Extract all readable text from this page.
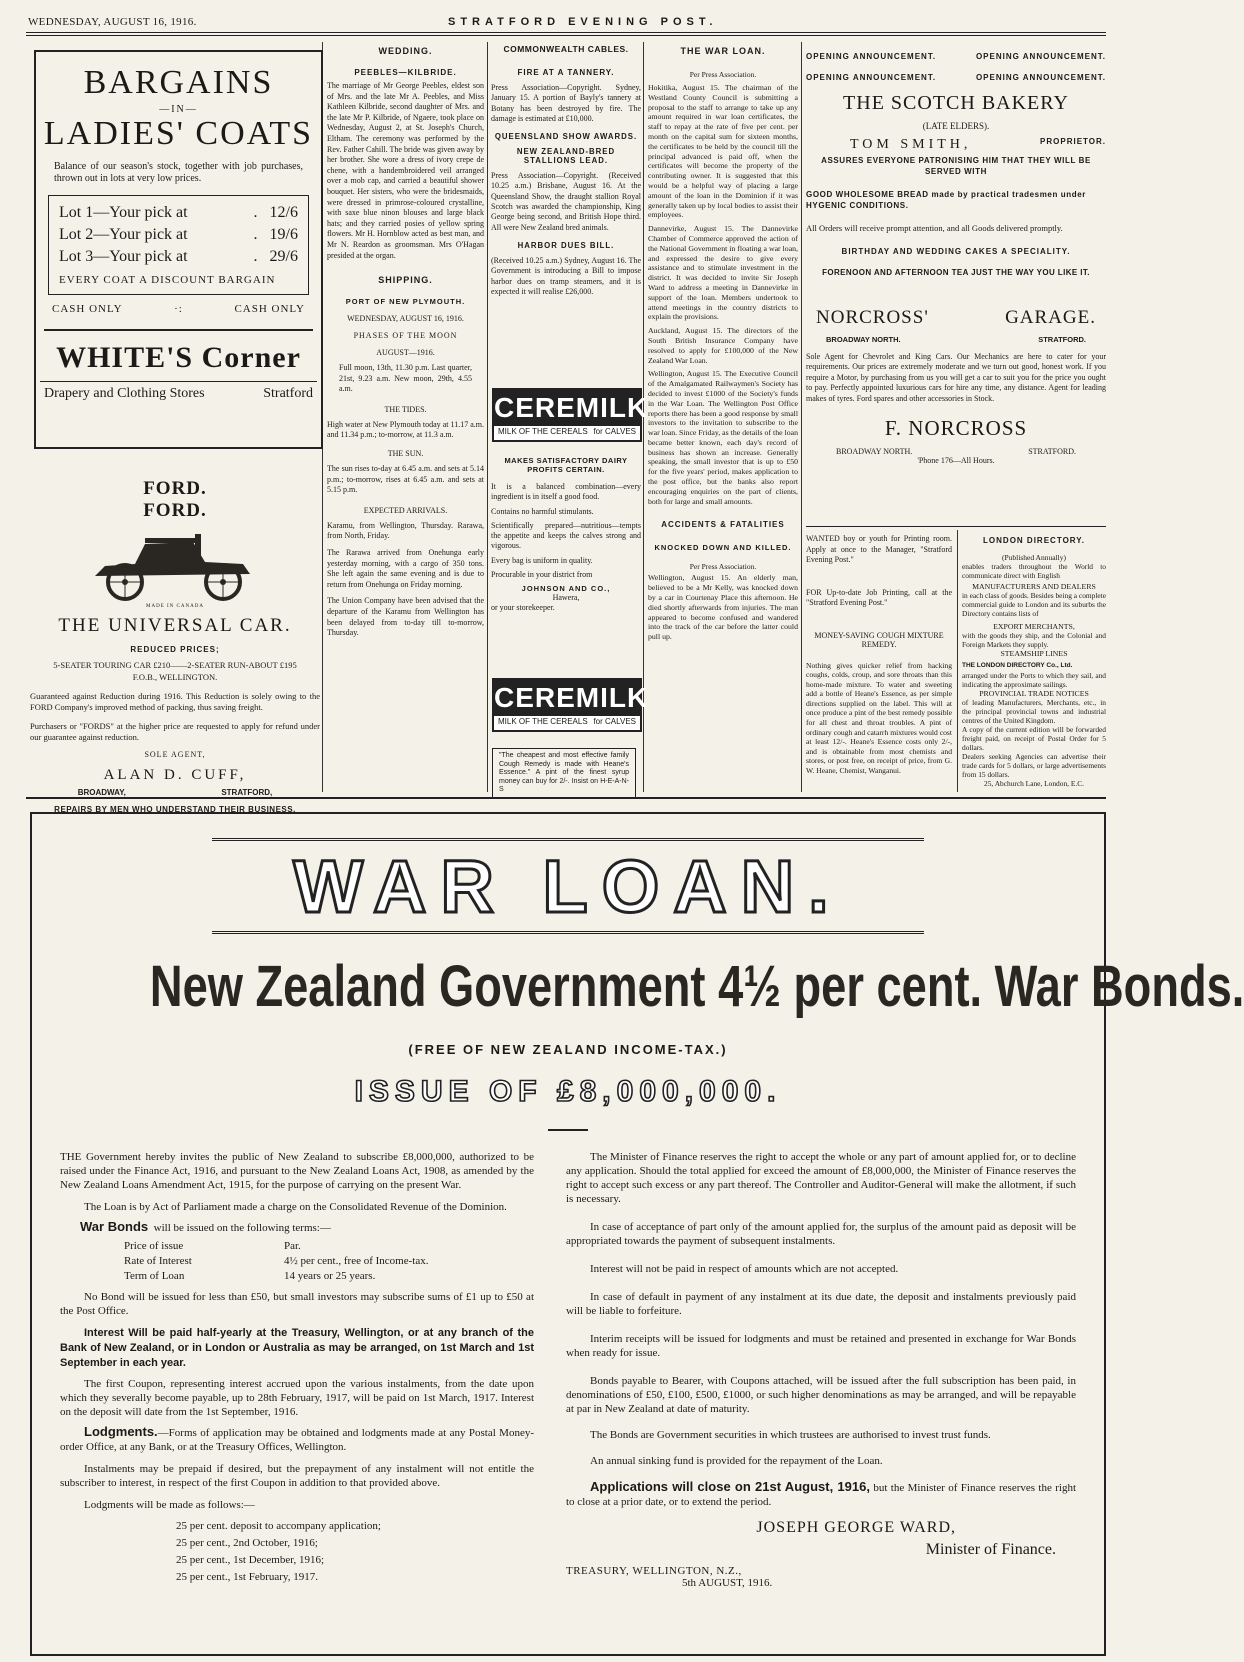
WEDNESDAY, AUGUST 16, 1916.	STRATFORD EVENING POST.
BARGAINS
—IN—
LADIES' COATS
Balance of our season's stock, together with job purchases, thrown out in lots at very low prices.
Lot 1—Your pick at	.   12/6
Lot 2—Your pick at	.   19/6
Lot 3—Your pick at	.   29/6
EVERY COAT A DISCOUNT BARGAIN
CASH ONLY	·:	CASH ONLY
WHITE'S Corner
Drapery and Clothing Stores	Stratford
FORD.
FORD.
MADE IN CANADA
THE UNIVERSAL CAR.
REDUCED PRICES;
5-SEATER TOURING CAR £210——2-SEATER RUN-ABOUT £195
F.O.B., WELLINGTON.
Guaranteed against Reduction during 1916. This Reduction is solely owing to the FORD Company's improved method of packing, thus saving freight.
Purchasers or "FORDS" at the higher price are requested to apply for refund under our guarantee against reduction.
SOLE AGENT,
ALAN D. CUFF,
BROADWAY,	STRATFORD,
REPAIRS BY MEN WHO UNDERSTAND THEIR BUSINESS.
WEDDING.
PEEBLES—KILBRIDE.
The marriage of Mr George Peebles, eldest son of Mrs. and the late Mr A. Peebles, and Miss Kathleen Kilbride, second daughter of Mrs. and the late Mr P. Kilbride, of Ngaere, took place on Wednesday, August 2, at St. Joseph's Church, Eltham. The ceremony was performed by the Rev. Father Cahill. The bride was given away by her brother. She wore a dress of ivory crepe de chene, with a handembroidered veil arranged over a mob cap, and carried a beautiful shower bouquet. Her sisters, who were the bridesmaids, were dressed in primrose-coloured crystalline, with saxe blue ninon blouses and large black hats; and they carried posies of yellow spring flowers. Mr H. Hornblow acted as best man, and Mr N. Reardon as groomsman. Mrs O'Hagan presided at the organ.
SHIPPING.
PORT OF NEW PLYMOUTH.
WEDNESDAY, AUGUST 16, 1916.
PHASES OF THE MOON
AUGUST—1916.
Full moon, 13th, 11.30 p.m. Last quarter, 21st, 9.23 a.m. New moon, 29th, 4.55 a.m.
THE TIDES.
High water at New Plymouth today at 11.17 a.m. and 11.34 p.m.; to-morrow, at 11.3 a.m.
THE SUN.
The sun rises to-day at 6.45 a.m. and sets at 5.14 p.m.; to-morrow, rises at 6.45 a.m. and sets at 5.15 p.m.
EXPECTED ARRIVALS.
Karamu, from Wellington, Thursday. Rarawa, from North, Friday.
The Rarawa arrived from Onehunga early yesterday morning, with a cargo of 350 tons. She left again the same evening and is due to return from Onehunga on Friday morning.
The Union Company have been advised that the departure of the Karamu from Wellington has been delayed from to-day till to-morrow, Thursday.
COMMONWEALTH CABLES.
FIRE AT A TANNERY.
Press Association—Copyright. Sydney, January 15. A portion of Bayly's tannery at Botany has been destroyed by fire. The damage is estimated at £10,000.
QUEENSLAND SHOW AWARDS.
NEW ZEALAND-BRED STALLIONS LEAD.
Press Association—Copyright. (Received 10.25 a.m.) Brisbane, August 16. At the Queensland Show, the draught stallion Royal Scotch was awarded the championship, King George being second, and British Hope third. All were New Zealand bred animals.
HARBOR DUES BILL.
(Received 10.25 a.m.) Sydney, August 16. The Government is introducing a Bill to impose harbor dues on tramp steamers, and it is expected it will realise £26,000.
CEREMILK
MILK OF THE CEREALS for CALVES
MAKES SATISFACTORY DAIRY PROFITS CERTAIN.
It is a balanced combination—every ingredient is in itself a good food.
Contains no harmful stimulants.
Scientifically prepared—nutritious—tempts the appetite and keeps the calves strong and vigorous.
Every bag is uniform in quality.
Procurable in your district from
JOHNSON AND CO.,
Hawera,
or your storekeeper.
CEREMILK
MILK OF THE CEREALS for CALVES
"The cheapest and most effective family Cough Remedy is made with Heane's Essence." A pint of the finest syrup money can buy for 2/-. Insist on H-E-A-N-S
THE WAR LOAN.
Per Press Association.
Hokitika, August 15. The chairman of the Westland County Council is submitting a proposal to the staff to arrange to take up any amount required in war loan certificates, the staff to repay at the rate of five per cent. per month on the capital sum for sixteen months, the certificates to be held by the council till the principal advanced is paid off, when the certificates will become the property of the contributing owner. It is suggested that this would be a helpful way of placing a large amount of the loan in the Dominion if it was generally taken up by local bodies to assist their employees.
Dannevirke, August 15. The Dannevirke Chamber of Commerce approved the action of the National Government in floating a war loan, and expressed the desire to give every assistance and to stimulate investment in the district. It was decided to invite Sir Joseph Ward to address a meeting in Dannevirke in support of the loan. Members undertook to attend meetings in the country districts to explain the provisions.
Auckland, August 15. The directors of the South British Insurance Company have resolved to apply for £100,000 of the New Zealand War Loan.
Wellington, August 15. The Executive Council of the Amalgamated Railwaymen's Society has decided to invest £1000 of the Society's funds in the War Loan. The Wellington Post Office reports there has been a good response by small investors to the invitation to subscribe to the war loan. Since Friday, as the details of the loan became better known, each day's record of business has shown an increase. Generally speaking, the small investor that is up to £50 for the five years' period, makes application to the post office, but the banks also report encouraging enquiries on the part of clients, both for large and small amounts.
ACCIDENTS & FATALITIES
KNOCKED DOWN AND KILLED.
Per Press Association.
Wellington, August 15. An elderly man, believed to be a Mr Kelly, was knocked down by a car in Courtenay Place this afternoon. He died shortly afterwards from injuries. The man appeared to become confused and wandered into the track of the car before the latter could pull up.
OPENING ANNOUNCEMENT.	OPENING ANNOUNCEMENT.
OPENING ANNOUNCEMENT.	OPENING ANNOUNCEMENT.
THE SCOTCH BAKERY
(LATE ELDERS).
TOM SMITH,	PROPRIETOR.
ASSURES EVERYONE PATRONISING HIM THAT THEY WILL BE SERVED WITH
GOOD WHOLESOME BREAD made by practical tradesmen under HYGENIC CONDITIONS.
All Orders will receive prompt attention, and all Goods delivered promptly.
BIRTHDAY AND WEDDING CAKES A SPECIALITY.
FORENOON AND AFTERNOON TEA JUST THE WAY YOU LIKE IT.
NORCROSS'	GARAGE.
BROADWAY NORTH.	STRATFORD.
Sole Agent for Chevrolet and King Cars. Our Mechanics are here to cater for your requirements. Our prices are extremely moderate and we turn out good, honest work. If you require a Motor, by purchasing from us you will get a car to suit you for the price you ought to pay. Perfectly appointed luxurious cars for hire any time, any distance. Agent for leading makes of tyres. Ford spares and other accessories in Stock.
F. NORCROSS
BROADWAY NORTH.	STRATFORD.
'Phone 176—All Hours.
WANTED boy or youth for Printing room. Apply at once to the Manager, "Stratford Evening Post."
FOR Up-to-date Job Printing, call at the "Stratford Evening Post."
MONEY-SAVING COUGH MIXTURE REMEDY.
Nothing gives quicker relief from hacking coughs, colds, croup, and sore throats than this home-made mixture. To water and sweeting add a bottle of Heane's Essence, as per simple directions supplied on the label. This will at once produce a pint of the best remedy possible for all chest and throat troubles. A pint of ordinary cough and catarrh mixtures would cost at least 12/-. Heane's Essence costs only 2/-, and is obtainable from most chemists and stores, or post free, on receipt of price, from G. W. Heane, Chemist, Wanganui.
LONDON DIRECTORY.
(Published Annually)
enables traders throughout the World to communicate direct with English
MANUFACTURERS AND DEALERS
in each class of goods. Besides being a complete commercial guide to London and its suburbs the Directory contains lists of
EXPORT MERCHANTS,
with the goods they ship, and the Colonial and Foreign Markets they supply.
STEAMSHIP LINES
THE LONDON DIRECTORY Co., Ltd.
arranged under the Ports to which they sail, and indicating the approximate sailings.
PROVINCIAL TRADE NOTICES
of leading Manufacturers, Merchants, etc., in the principal provincial towns and industrial centres of the United Kingdom.
A copy of the current edition will be forwarded freight paid, on receipt of Postal Order for 5 dollars.
Dealers seeking Agencies can advertise their trade cards for 5 dollars, or large advertisements from 15 dollars.
25, Abchurch Lane, London, E.C.
WAR LOAN.
New Zealand Government 4½ per cent. War Bonds.
(FREE OF NEW ZEALAND INCOME-TAX.)
ISSUE OF £8,000,000.
THE Government hereby invites the public of New Zealand to subscribe £8,000,000, authorized to be raised under the Finance Act, 1916, and pursuant to the New Zealand Loans Act, 1908, as amended by the New Zealand Loans Amendment Act, 1915, for the purpose of carrying on the present War.
The Loan is by Act of Parliament made a charge on the Consolidated Revenue of the Dominion.
War Bonds will be issued on the following terms:—
Price of issue	Par.
Rate of Interest	4½ per cent., free of Income-tax.
Term of Loan	14 years or 25 years.
No Bond will be issued for less than £50, but small investors may subscribe sums of £1 up to £50 at the Post Office.
Interest Will be paid half-yearly at the Treasury, Wellington, or at any branch of the Bank of New Zealand, or in London or Australia as may be arranged, on 1st March and 1st September in each year.
The first Coupon, representing interest accrued upon the various instalments, from the date upon which they severally become payable, up to 28th February, 1917, will be paid on 1st March, 1917. Interest on the deposit will date from the 1st September, 1916.
Lodgments.—Forms of application may be obtained and lodgments made at any Postal Money-order Office, at any Bank, or at the Treasury Offices, Wellington.
Instalments may be prepaid if desired, but the prepayment of any instalment will not entitle the subscriber to interest, in respect of the first Coupon in addition to that provided above.
Lodgments will be made as follows:—
25 per cent. deposit to accompany application;
25 per cent., 2nd October, 1916;
25 per cent., 1st December, 1916;
25 per cent., 1st February, 1917.
The Minister of Finance reserves the right to accept the whole or any part of amount applied for, or to decline any application. Should the total applied for exceed the amount of £8,000,000, the Minister of Finance reserves the right to accept such excess or any part thereof. The Controller and Auditor-General will make the allotment, if such is necessary.
In case of acceptance of part only of the amount applied for, the surplus of the amount paid as deposit will be appropriated towards the payment of subsequent instalments.
Interest will not be paid in respect of amounts which are not accepted.
In case of default in payment of any instalment at its due date, the deposit and instalments previously paid will be liable to forfeiture.
Interim receipts will be issued for lodgments and must be retained and presented in exchange for War Bonds when ready for issue.
Bonds payable to Bearer, with Coupons attached, will be issued after the full subscription has been paid, in denominations of £50, £100, £500, £1000, or such higher denominations as may be arranged, and will be repayable at par in New Zealand at date of maturity.
The Bonds are Government securities in which trustees are authorised to invest trust funds.
An annual sinking fund is provided for the repayment of the Loan.
Applications will close on 21st August, 1916, but the Minister of Finance reserves the right to close at a prior date, or to extend the period.
JOSEPH GEORGE WARD,
Minister of Finance.
TREASURY, WELLINGTON, N.Z.,
5th AUGUST, 1916.
